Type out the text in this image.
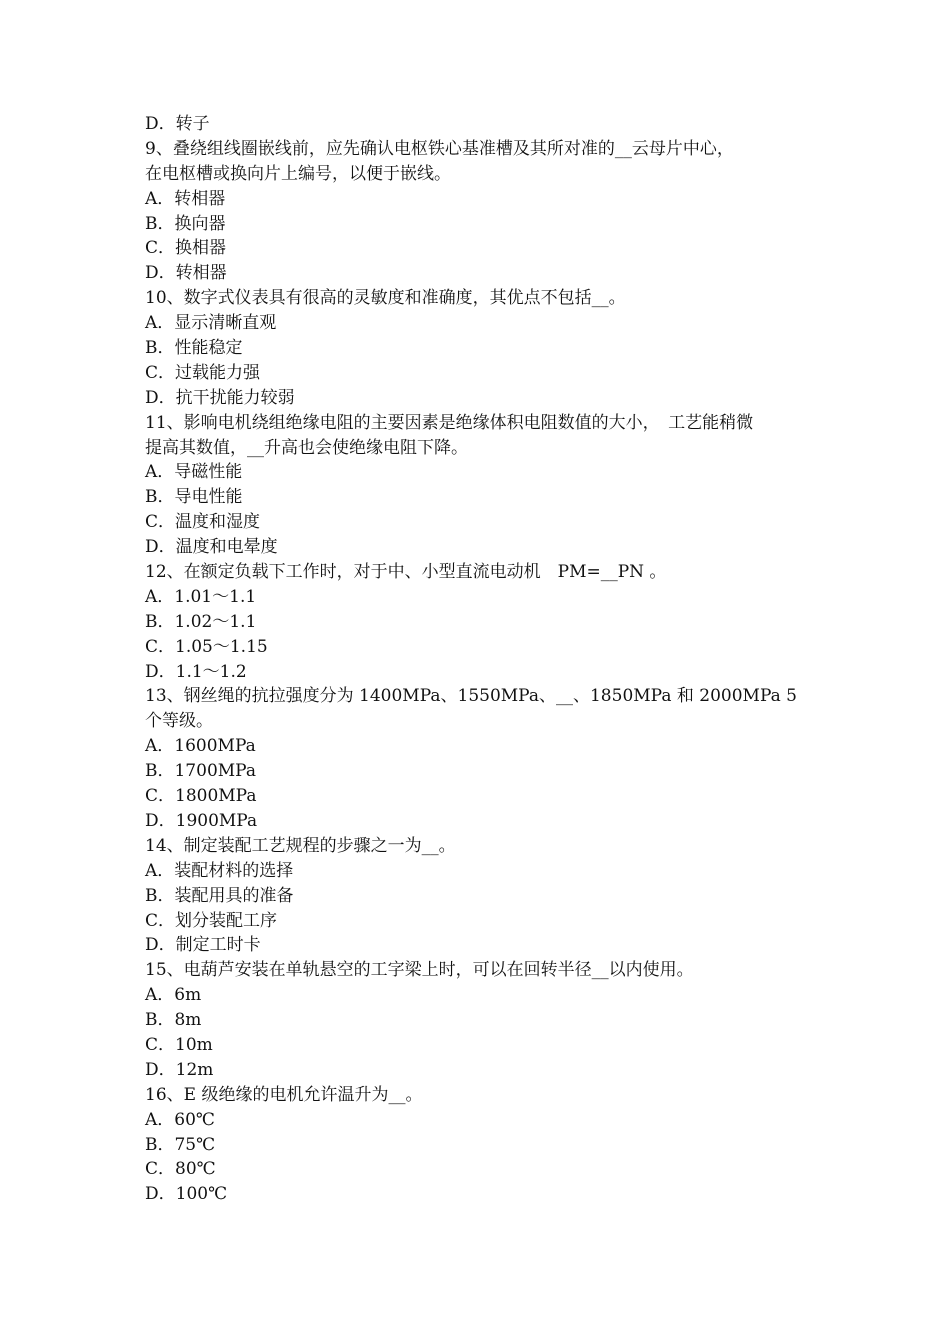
D．转子
9、叠绕组线圈嵌线前，应先确认电枢铁心基准槽及其所对准的__云母片中心，
在电枢槽或换向片上编号，以便于嵌线。
A．转相器
B．换向器
C．换相器
D．转相器
10、数字式仪表具有很高的灵敏度和准确度，其优点不包括__。
A．显示清晰直观
B．性能稳定
C．过载能力强
D．抗干扰能力较弱
11、影响电机绕组绝缘电阻的主要因素是绝缘体积电阻数值的大小，　工艺能稍微
提高其数值，__升高也会使绝缘电阻下降。
A．导磁性能
B．导电性能
C．温度和湿度
D．温度和电晕度
12、在额定负载下工作时，对于中、小型直流电动机　PM=__PN 。
A．1.01～1.1
B．1.02～1.1
C．1.05～1.15
D．1.1～1.2
13、钢丝绳的抗拉强度分为 1400MPa、1550MPa、__、1850MPa 和 2000MPa 5
个等级。
A．1600MPa
B．1700MPa
C．1800MPa
D．1900MPa
14、制定装配工艺规程的步骤之一为__。
A．装配材料的选择
B．装配用具的准备
C．划分装配工序
D．制定工时卡
15、电葫芦安装在单轨悬空的工字梁上时，可以在回转半径__以内使用。
A．6m
B．8m
C．10m
D．12m
16、E 级绝缘的电机允许温升为__。
A．60℃
B．75℃
C．80℃
D．100℃
